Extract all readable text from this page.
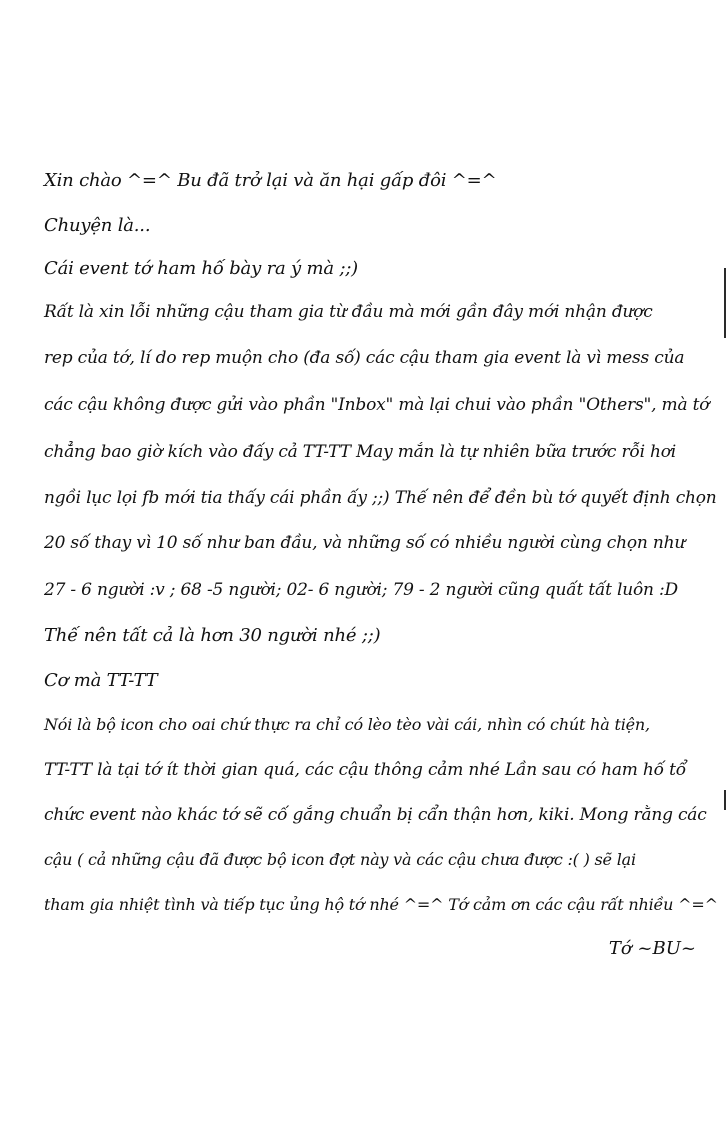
Xin chào ^=^ Bu đã trở lại và ăn hại gấp đôi ^=^
Chuyện là...
Cái event tớ ham hố bày ra ý mà ;;)
Rất là xin lỗi những cậu tham gia từ đầu mà mới gần đây mới nhận được
rep của tớ, lí do rep muộn cho (đa số) các cậu tham gia event là vì mess của
các cậu không được gửi vào phần "Inbox" mà lại chui vào phần "Others", mà tớ
chẳng bao giờ kích vào đấy cả TT-TT May mắn là tự nhiên bữa trước rỗi hơi
ngồi lục lọi fb mới tia thấy cái phần ấy ;;) Thế nên để đền bù tớ quyết định chọn
20 số thay vì 10 số như ban đầu, và những số có nhiều người cùng chọn như
27 - 6 người :v ; 68 -5 người; 02- 6 người; 79 - 2 người cũng quất tất luôn :D
Thế nên tất cả là hơn 30 người nhé ;;)
Cơ mà TT-TT
Nói là bộ icon cho oai chứ thực ra chỉ có lèo tèo vài cái, nhìn có chút hà tiện,
TT-TT là tại tớ ít thời gian quá, các cậu thông cảm nhé Lần sau có ham hố tổ
chức event nào khác tớ sẽ cố gắng chuẩn bị cẩn thận hơn, kiki. Mong rằng các
cậu ( cả những cậu đã được bộ icon đợt này và các cậu chưa được :( ) sẽ lại
tham gia nhiệt tình và tiếp tục ủng hộ tớ nhé ^=^ Tớ cảm ơn các cậu rất nhiều ^=^
Tớ ~BU~
